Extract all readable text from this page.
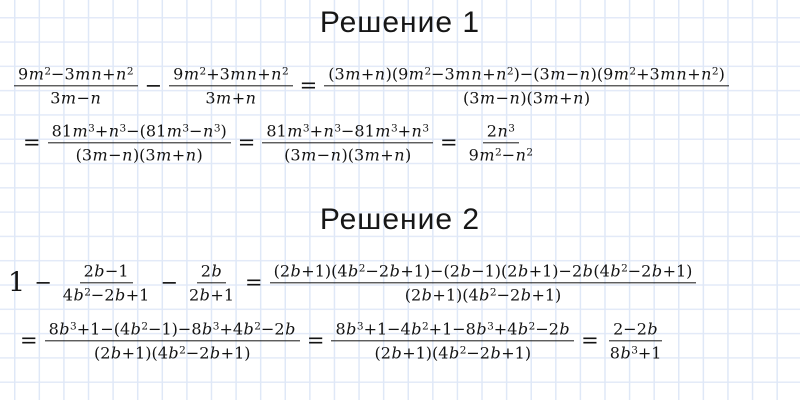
Решение 1
$\frac{9m^2-3mn+n^2}{3m-n} - \frac{9m^2+3mn+n^2}{3m+n} = \frac{(3m+n)(9m^2-3mn+n^2)-(3m-n)(9m^2+3mn+n^2)}{(3m-n)(3m+n)}$
= $\frac{81m^3+n^3-(81m^3-n^3)}{(3m-n)(3m+n)} = \frac{81m^3+n^3-81m^3+n^3}{(3m-n)(3m+n)} = \frac{2n^3}{9m^2-n^2}$
Решение 2
$1 - \frac{2b-1}{4b^2-2b+1} - \frac{2b}{2b+1} = \frac{(2b+1)(4b^2-2b+1)-(2b-1)(2b+1)-2b(4b^2-2b+1)}{(2b+1)(4b^2-2b+1)}$
= $\frac{8b^3+1-(4b^2-1)-8b^3+4b^2-2b}{(2b+1)(4b^2-2b+1)} = \frac{8b^3+1-4b^2+1-8b^3+4b^2-2b}{(2b+1)(4b^2-2b+1)} = \frac{2-2b}{8b^3+1}$
